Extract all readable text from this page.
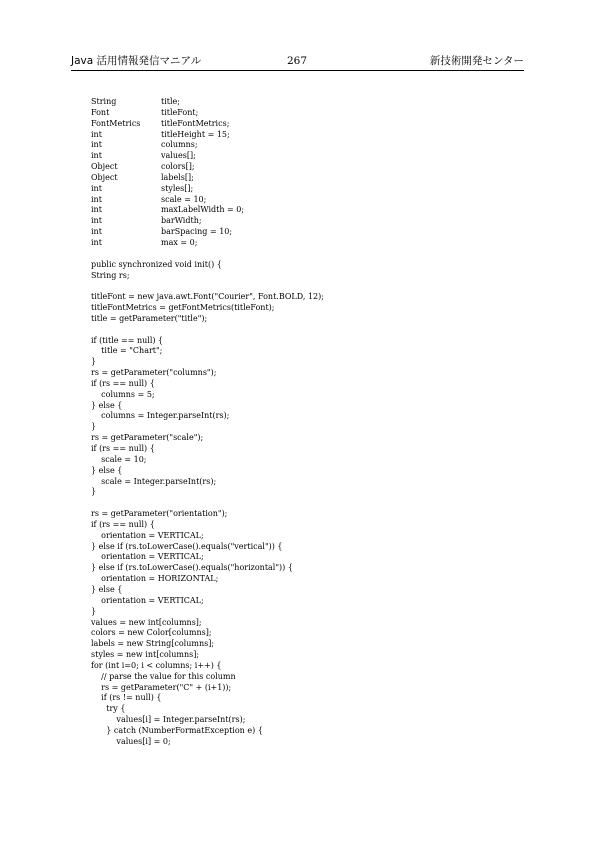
Java 活用情報発信マニアル	267	新技術開発センター
String	title;
Font	titleFont;
FontMetrics	titleFontMetrics;
int	titleHeight = 15;
int	columns;
int	values[];
Object	colors[];
Object	labels[];
int	styles[];
int	scale = 10;
int	maxLabelWidth = 0;
int	barWidth;
int	barSpacing = 10;
int	max = 0;
public synchronized void init() {
String rs;
titleFont = new java.awt.Font("Courier", Font.BOLD, 12);
titleFontMetrics = getFontMetrics(titleFont);
title = getParameter("title");
if (title == null) {
title = "Chart";
}
rs = getParameter("columns");
if (rs == null) {
columns = 5;
} else {
columns = Integer.parseInt(rs);
}
rs = getParameter("scale");
if (rs == null) {
scale = 10;
} else {
scale = Integer.parseInt(rs);
}
rs = getParameter("orientation");
if (rs == null) {
orientation = VERTICAL;
} else if (rs.toLowerCase().equals("vertical")) {
orientation = VERTICAL;
} else if (rs.toLowerCase().equals("horizontal")) {
orientation = HORIZONTAL;
} else {
orientation = VERTICAL;
}
values = new int[columns];
colors = new Color[columns];
labels = new String[columns];
styles = new int[columns];
for (int i=0; i < columns; i++) {
// parse the value for this column
rs = getParameter("C" + (i+1));
if (rs != null) {
try {
values[i] = Integer.parseInt(rs);
} catch (NumberFormatException e) {
values[i] = 0;
